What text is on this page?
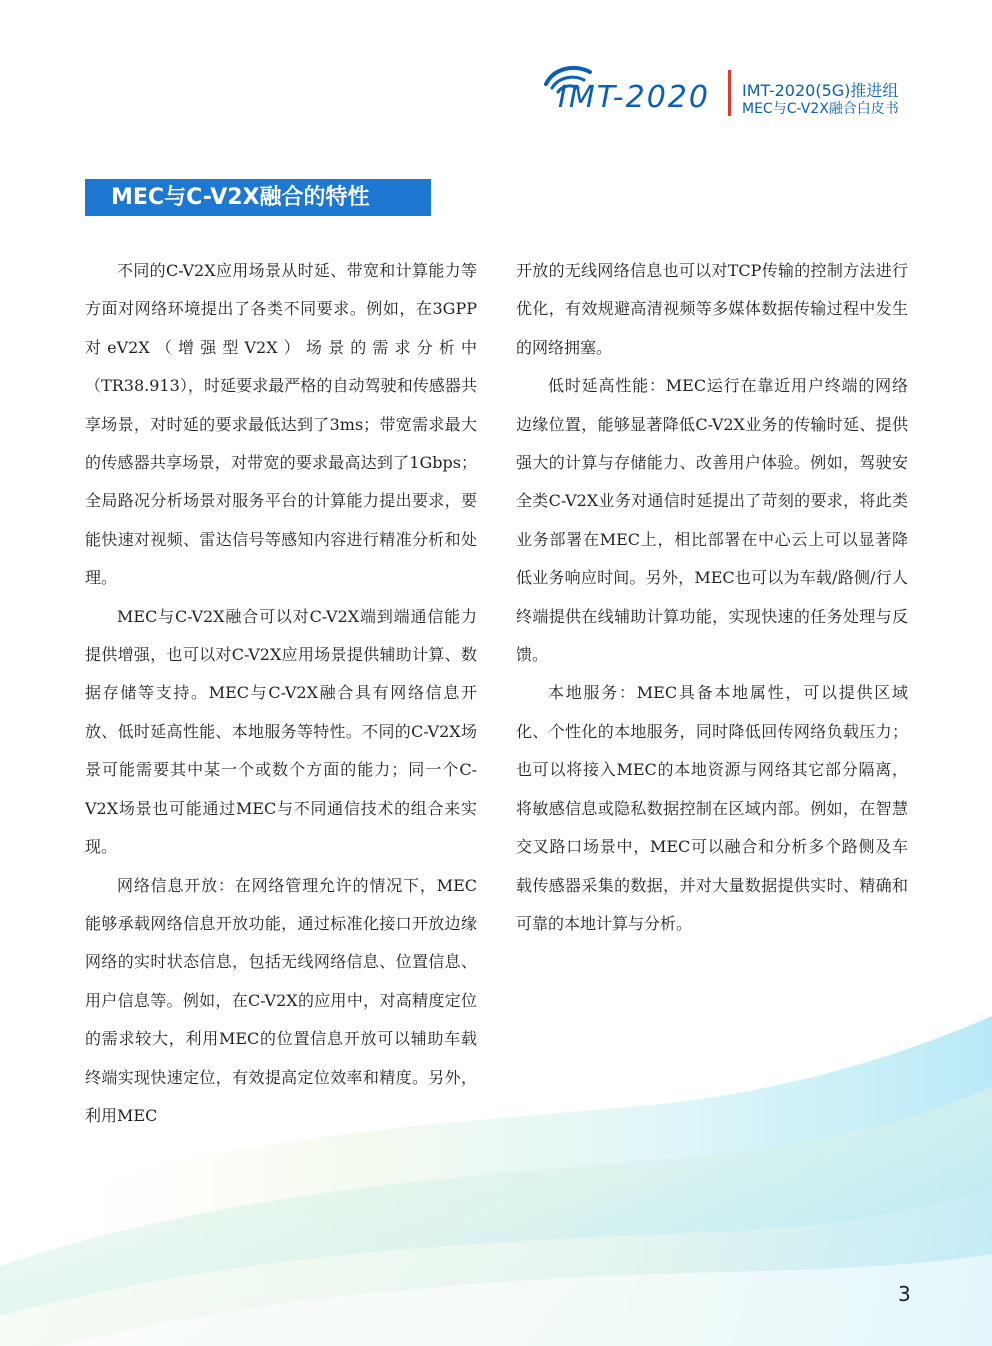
IMT-2020 IMT-2020(5G)推进组
MEC与C-V2X融合白皮书
MEC与C-V2X融合的特性

不同的C-V2X应用场景从时延、带宽和计算能力等方面对网络环境提出了各类不同要求。例如，在3GPP对eV2X（增强型V2X）场景的需求分析中（TR38.913），时延要求最严格的自动驾驶和传感器共享场景，对时延的要求最低达到了3ms；带宽需求最大的传感器共享场景，对带宽的要求最高达到了1Gbps；全局路况分析场景对服务平台的计算能力提出要求，要能快速对视频、雷达信号等感知内容进行精准分析和处理。

MEC与C-V2X融合可以对C-V2X端到端通信能力提供增强，也可以对C-V2X应用场景提供辅助计算、数据存储等支持。MEC与C-V2X融合具有网络信息开放、低时延高性能、本地服务等特性。不同的C-V2X场景可能需要其中某一个或数个方面的能力；同一个C-V2X场景也可能通过MEC与不同通信技术的组合来实现。

网络信息开放：在网络管理允许的情况下，MEC能够承载网络信息开放功能，通过标准化接口开放边缘网络的实时状态信息，包括无线网络信息、位置信息、用户信息等。例如，在C-V2X的应用中，对高精度定位的需求较大，利用MEC的位置信息开放可以辅助车载终端实现快速定位，有效提高定位效率和精度。另外，利用MEC

开放的无线网络信息也可以对TCP传输的控制方法进行优化，有效规避高清视频等多媒体数据传输过程中发生的网络拥塞。

低时延高性能：MEC运行在靠近用户终端的网络边缘位置，能够显著降低C-V2X业务的传输时延、提供强大的计算与存储能力、改善用户体验。例如，驾驶安全类C-V2X业务对通信时延提出了苛刻的要求，将此类业务部署在MEC上，相比部署在中心云上可以显著降低业务响应时间。另外，MEC也可以为车载/路侧/行人终端提供在线辅助计算功能，实现快速的任务处理与反馈。

本地服务：MEC具备本地属性，可以提供区域化、个性化的本地服务，同时降低回传网络负载压力；也可以将接入MEC的本地资源与网络其它部分隔离，将敏感信息或隐私数据控制在区域内部。例如，在智慧交叉路口场景中，MEC可以融合和分析多个路侧及车载传感器采集的数据，并对大量数据提供实时、精确和可靠的本地计算与分析。

3
